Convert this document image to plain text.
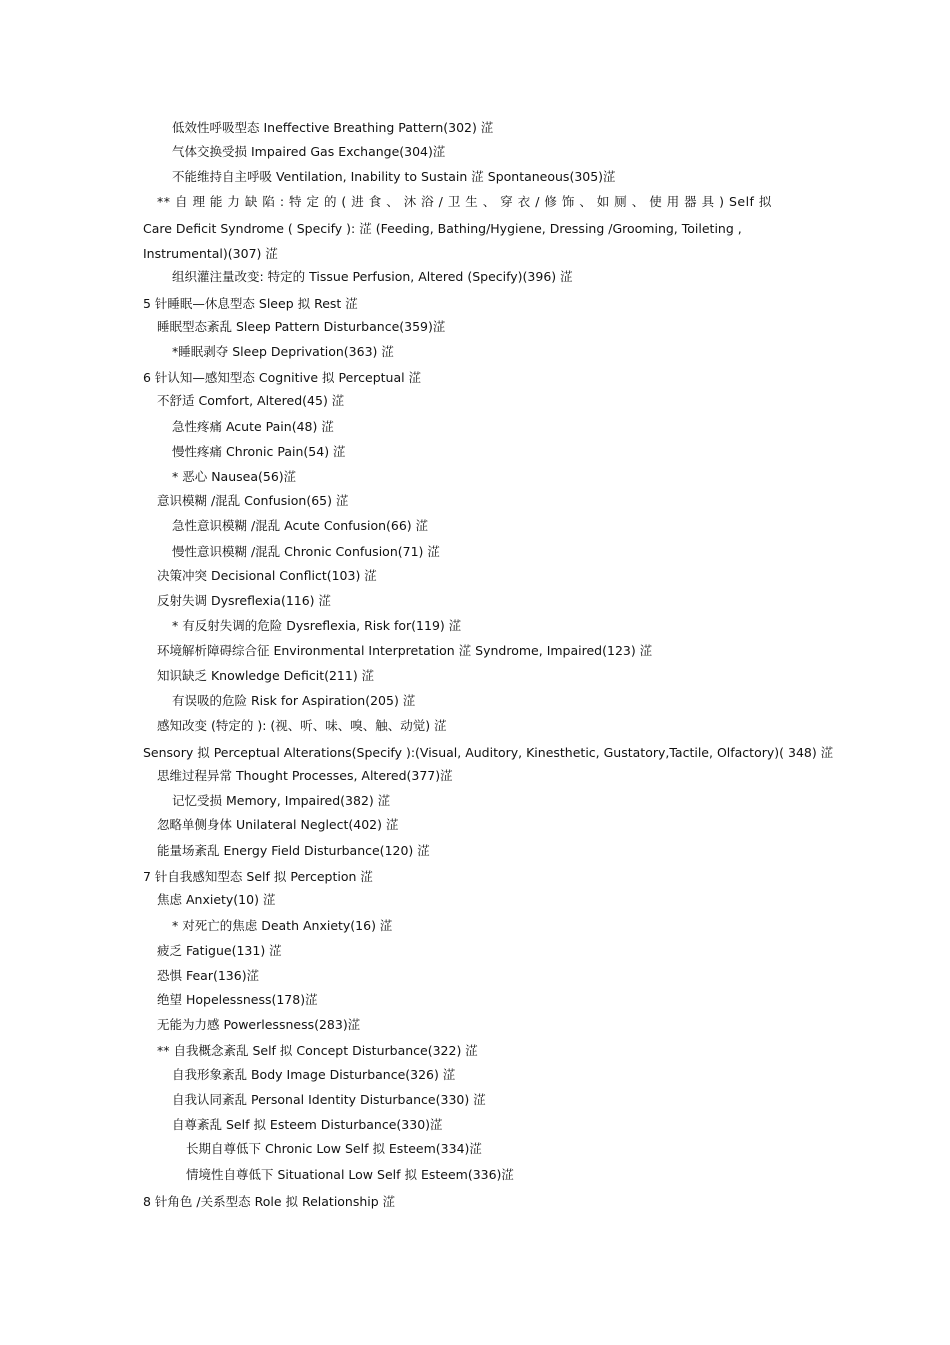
低效性呼吸型态 Ineffective Breathing Pattern(302) 淽
气体交换受损 Impaired Gas Exchange(304)淽
不能维持自主呼吸 Ventilation, Inability to Sustain 淽 Spontaneous(305)淽
** 自 理 能 力 缺 陷 : 特 定 的 ( 进 食 、 沐 浴 / 卫 生 、 穿 衣 / 修 饰 、 如 厕 、 使 用 器 具 ) Self 拟
Care Deficit Syndrome ( Specify ): 淽 (Feeding, Bathing/Hygiene, Dressing /Grooming, Toileting ,
Instrumental)(307) 淽
组织灌注量改变: 特定的 Tissue Perfusion, Altered (Specify)(396) 淽
5 针睡眠—休息型态 Sleep 拟 Rest 淽
睡眠型态紊乱 Sleep Pattern Disturbance(359)淽
*睡眠剥夺 Sleep Deprivation(363) 淽
6 针认知—感知型态 Cognitive 拟 Perceptual 淽
不舒适 Comfort, Altered(45) 淽
急性疼痛 Acute Pain(48) 淽
慢性疼痛 Chronic Pain(54) 淽
* 恶心 Nausea(56)淽
意识模糊 /混乱 Confusion(65) 淽
急性意识模糊 /混乱 Acute Confusion(66) 淽
慢性意识模糊 /混乱 Chronic Confusion(71) 淽
决策冲突 Decisional Conflict(103) 淽
反射失调 Dysreflexia(116) 淽
* 有反射失调的危险 Dysreflexia, Risk for(119) 淽
环境解析障碍综合征 Environmental Interpretation 淽 Syndrome, Impaired(123) 淽
知识缺乏 Knowledge Deficit(211) 淽
有误吸的危险 Risk for Aspiration(205) 淽
感知改变 (特定的 ): (视、听、味、嗅、触、动觉) 淽
Sensory 拟 Perceptual Alterations(Specify ):(Visual, Auditory, Kinesthetic, Gustatory,Tactile, Olfactory)( 348) 淽
思维过程异常 Thought Processes, Altered(377)淽
记忆受损 Memory, Impaired(382) 淽
忽略单侧身体 Unilateral Neglect(402) 淽
能量场紊乱 Energy Field Disturbance(120) 淽
7 针自我感知型态 Self 拟 Perception 淽
焦虑 Anxiety(10) 淽
* 对死亡的焦虑 Death Anxiety(16) 淽
疲乏 Fatigue(131) 淽
恐惧 Fear(136)淽
绝望 Hopelessness(178)淽
无能为力感 Powerlessness(283)淽
** 自我概念紊乱 Self 拟 Concept Disturbance(322) 淽
自我形象紊乱 Body Image Disturbance(326) 淽
自我认同紊乱 Personal Identity Disturbance(330) 淽
自尊紊乱 Self 拟 Esteem Disturbance(330)淽
长期自尊低下 Chronic Low Self 拟 Esteem(334)淽
情境性自尊低下 Situational Low Self 拟 Esteem(336)淽
8 针角色 /关系型态 Role 拟 Relationship 淽
